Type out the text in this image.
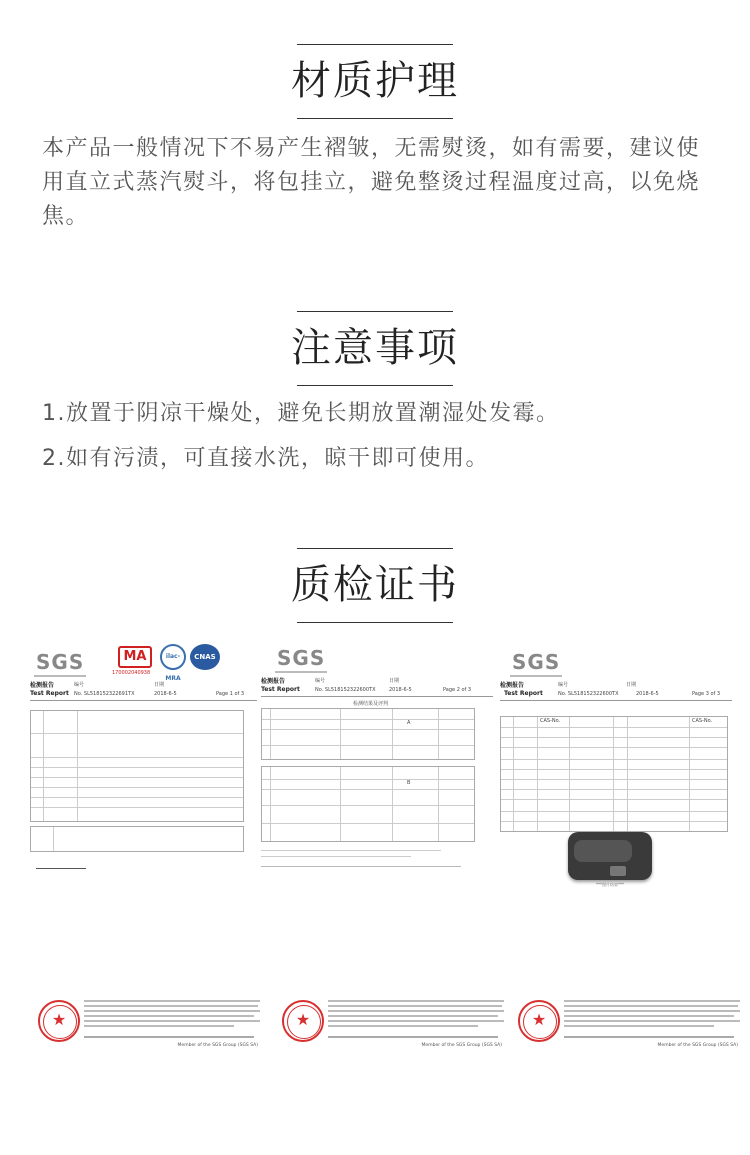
材质护理
本产品一般情况下不易产生褶皱，无需熨烫，如有需要，建议使用直立式蒸汽熨斗，将包挂立，避免整烫过程温度过高，以免烧焦。
注意事项
1.放置于阴凉干燥处，避免长期放置潮湿处发霉。
2.如有污渍，可直接水洗，晾干即可使用。
质检证书
SGS	MA
170002040938
ilac-MRA
CNAS
检测报告
Test Report
编号
No. SL51815232269​1TX
日期
2018-6-5	Page 1 of 3
SGS
检测报告
Test Report
编号
No. SL518152322600TX
日期
2018-6-5	Page 2 of 3
检测结果及评判
A
B
SGS
检测报告
Test Report
编号
No. SL518152322600TX
日期
2018-6-5	Page 3 of 3
CAS-No.	CAS-No.
***照片结束***
★
Member of the SGS Group (SGS SA)
★
Member of the SGS Group (SGS SA)
★
Member of the SGS Group (SGS SA)
